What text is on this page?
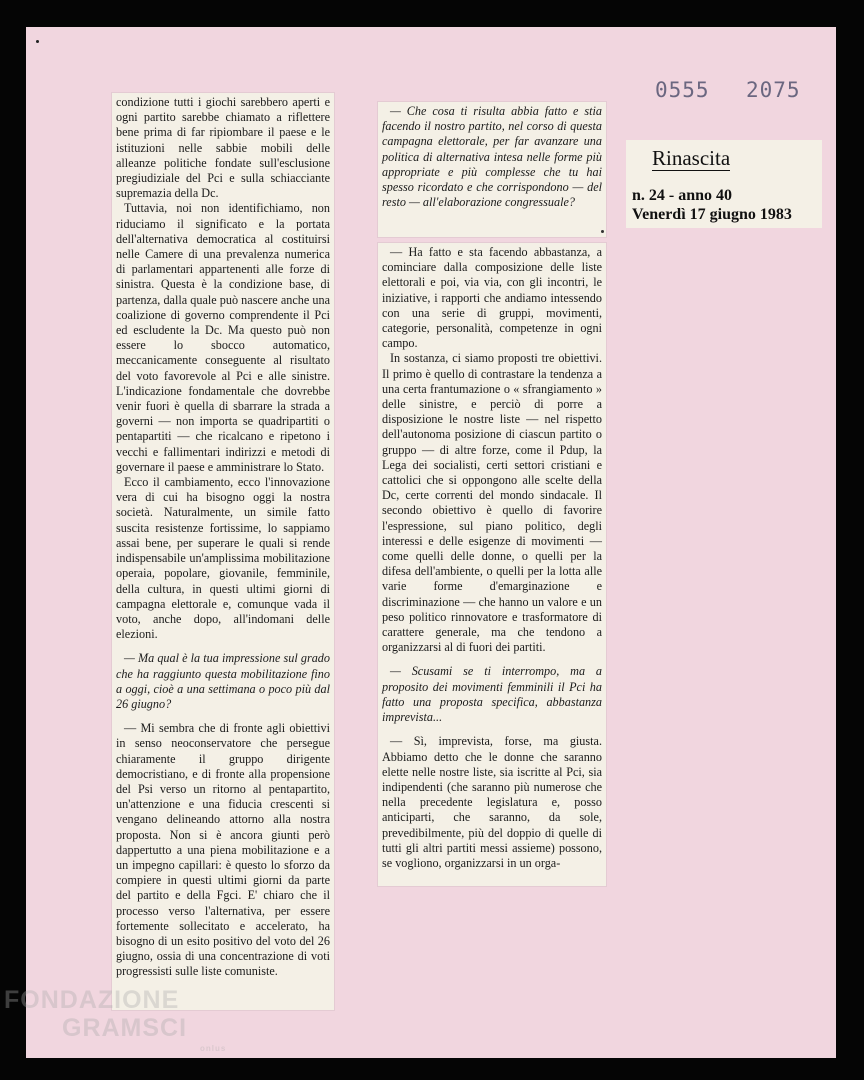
0555 2075
Rinascita
n. 24 - anno 40
Venerdì 17 giugno 1983

condizione tutti i giochi sarebbero aperti e ogni partito sarebbe chiamato a riflettere bene prima di far ripiombare il paese e le istituzioni nelle sabbie mobili delle alleanze politiche fondate sull'esclusione pregiudiziale del Pci e sulla schiacciante supremazia della Dc.

Tuttavia, noi non identifichiamo, non riduciamo il significato e la portata dell'alternativa democratica al costituirsi nelle Camere di una prevalenza numerica di parlamentari appartenenti alle forze di sinistra. Questa è la condizione base, di partenza, dalla quale può nascere anche una coalizione di governo comprendente il Pci ed escludente la Dc. Ma questo può non essere lo sbocco automatico, meccanicamente conseguente al risultato del voto favorevole al Pci e alle sinistre. L'indicazione fondamentale che dovrebbe venir fuori è quella di sbarrare la strada a governi — non importa se quadripartiti o pentapartiti — che ricalcano e ripetono i vecchi e fallimentari indirizzi e metodi di governare il paese e amministrare lo Stato.

Ecco il cambiamento, ecco l'innovazione vera di cui ha bisogno oggi la nostra società. Naturalmente, un simile fatto suscita resistenze fortissime, lo sappiamo assai bene, per superare le quali si rende indispensabile un'amplissima mobilitazione operaia, popolare, giovanile, femminile, della cultura, in questi ultimi giorni di campagna elettorale e, comunque vada il voto, anche dopo, all'indomani delle elezioni.

— Ma qual è la tua impressione sul grado che ha raggiunto questa mobilitazione fino a oggi, cioè a una settimana o poco più dal 26 giugno?

— Mi sembra che di fronte agli obiettivi in senso neoconservatore che persegue chiaramente il gruppo dirigente democristiano, e di fronte alla propensione del Psi verso un ritorno al pentapartito, un'attenzione e una fiducia crescenti si vengano delineando attorno alla nostra proposta. Non si è ancora giunti però dappertutto a una piena mobilitazione e a un impegno capillari: è questo lo sforzo da compiere in questi ultimi giorni da parte del partito e della Fgci. E' chiaro che il processo verso l'alternativa, per essere fortemente sollecitato e accelerato, ha bisogno di un esito positivo del voto del 26 giugno, ossia di una concentrazione di voti progressisti sulle liste comuniste.

— Che cosa ti risulta abbia fatto e stia facendo il nostro partito, nel corso di questa campagna elettorale, per far avanzare una politica di alternativa intesa nelle forme più appropriate e più complesse che tu hai spesso ricordato e che corrispondono — del resto — all'elaborazione congressuale?

— Ha fatto e sta facendo abbastanza, a cominciare dalla composizione delle liste elettorali e poi, via via, con gli incontri, le iniziative, i rapporti che andiamo intessendo con una serie di gruppi, movimenti, categorie, personalità, competenze in ogni campo.

In sostanza, ci siamo proposti tre obiettivi. Il primo è quello di contrastare la tendenza a una certa frantumazione o « sfrangiamento » delle sinistre, e perciò di porre a disposizione le nostre liste — nel rispetto dell'autonoma posizione di ciascun partito o gruppo — di altre forze, come il Pdup, la Lega dei socialisti, certi settori cristiani e cattolici che si oppongono alle scelte della Dc, certe correnti del mondo sindacale. Il secondo obiettivo è quello di favorire l'espressione, sul piano politico, degli interessi e delle esigenze di movimenti — come quelli delle donne, o quelli per la difesa dell'ambiente, o quelli per la lotta alle varie forme d'emarginazione e discriminazione — che hanno un valore e un peso politico rinnovatore e trasformatore di carattere generale, ma che tendono a organizzarsi al di fuori dei partiti.

— Scusami se ti interrompo, ma a proposito dei movimenti femminili il Pci ha fatto una proposta specifica, abbastanza imprevista...

— Sì, imprevista, forse, ma giusta. Abbiamo detto che le donne che saranno elette nelle nostre liste, sia iscritte al Pci, sia indipendenti (che saranno più numerose che nella precedente legislatura e, posso anticiparti, che saranno, da sole, prevedibilmente, più del doppio di quelle di tutti gli altri partiti messi assieme) possono, se vogliono, organizzarsi in un orga-

FONDAZIONE
GRAMSCI
onlus
